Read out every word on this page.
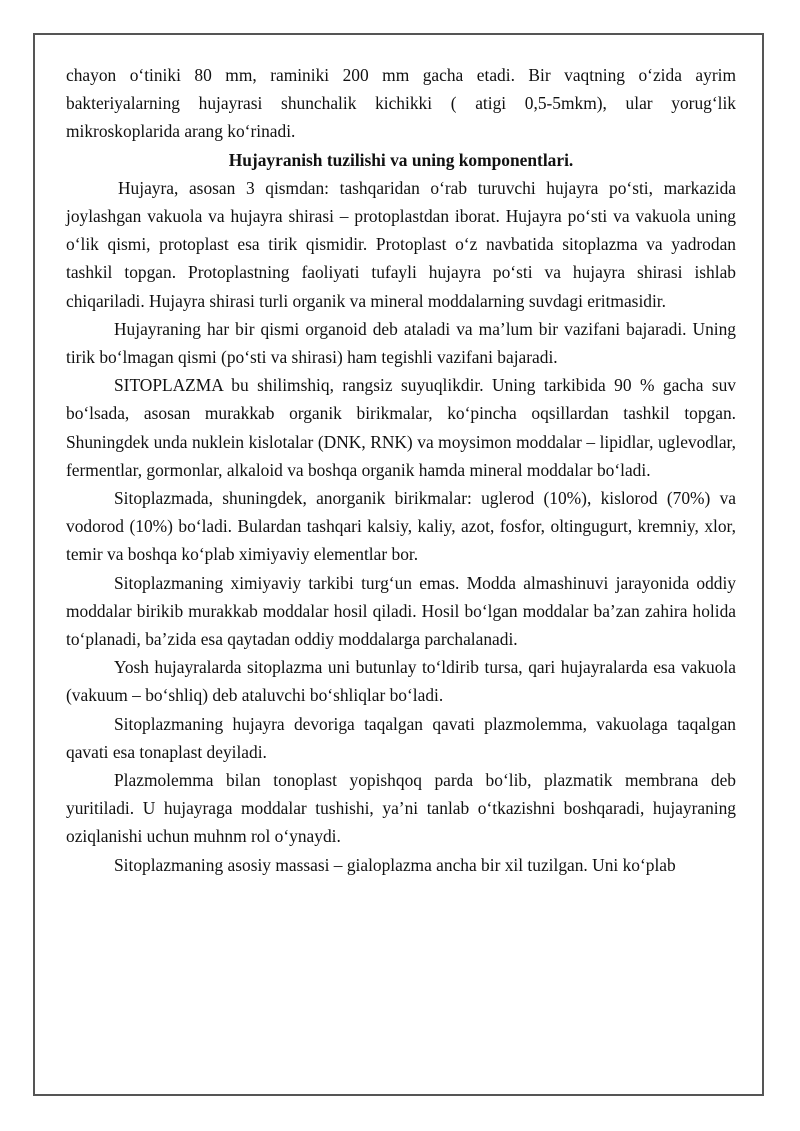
chayon o‘tiniki 80 mm, raminiki 200 mm gacha etadi. Bir vaqtning o‘zida ayrim bakteriyalarning hujayrasi shunchalik kichikki ( atigi 0,5-5mkm), ular yorug‘lik mikroskoplarida arang ko‘rinadi.

Hujayranish tuzilishi va uning komponentlari.

Hujayra, asosan 3 qismdan: tashqaridan o‘rab turuvchi hujayra po‘sti, markazida joylashgan vakuola va hujayra shirasi – protoplastdan iborat. Hujayra po‘sti va vakuola uning o‘lik qismi, protoplast esa tirik qismidir. Protoplast o‘z navbatida sitoplazma va yadrodan tashkil topgan. Protoplastning faoliyati tufayli hujayra po‘sti va hujayra shirasi ishlab chiqariladi. Hujayra shirasi turli organik va mineral moddalarning suvdagi eritmasidir.

Hujayraning har bir qismi organoid deb ataladi va ma’lum bir vazifani bajaradi. Uning tirik bo‘lmagan qismi (po‘sti va shirasi) ham tegishli vazifani bajaradi.

SITOPLAZMA bu shilimshiq, rangsiz suyuqlikdir. Uning tarkibida 90 % gacha suv bo‘lsada, asosan murakkab organik birikmalar, ko‘pincha oqsillardan tashkil topgan. Shuningdek unda nuklein kislotalar (DNK, RNK) va moysimon moddalar – lipidlar, uglevodlar, fermentlar, gormonlar, alkaloid va boshqa organik hamda mineral moddalar bo‘ladi.

Sitoplazmada, shuningdek, anorganik birikmalar: uglerod (10%), kislorod (70%) va vodorod (10%) bo‘ladi. Bulardan tashqari kalsiy, kaliy, azot, fosfor, oltingugurt, kremniy, xlor, temir va boshqa ko‘plab ximiyaviy elementlar bor.

Sitoplazmaning ximiyaviy tarkibi turg‘un emas. Modda almashinuvi jarayonida oddiy moddalar birikib murakkab moddalar hosil qiladi. Hosil bo‘lgan moddalar ba’zan zahira holida to‘planadi, ba’zida esa qaytadan oddiy moddalarga parchalanadi.

Yosh hujayralarda sitoplazma uni butunlay to‘ldirib tursa, qari hujayralarda esa vakuola (vakuum – bo‘shliq) deb ataluvchi bo‘shliqlar bo‘ladi.

Sitoplazmaning hujayra devoriga taqalgan qavati plazmolemma, vakuolaga taqalgan qavati esa tonaplast deyiladi.

Plazmolemma bilan tonoplast yopishqoq parda bo‘lib, plazmatik membrana deb yuritiladi. U hujayraga moddalar tushishi, ya’ni tanlab o‘tkazishni boshqaradi, hujayraning oziqlanishi uchun muhnm rol o‘ynaydi.

Sitoplazmaning asosiy massasi – gialoplazma ancha bir xil tuzilgan. Uni ko‘plab
